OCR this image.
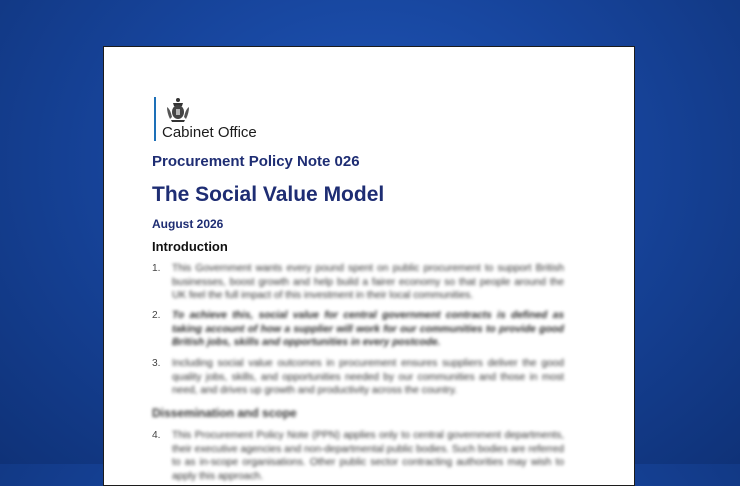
Cabinet Office
Procurement Policy Note 026
The Social Value Model
August 2026
Introduction
1. This Government wants every pound spent on public procurement to support British businesses, boost growth and help build a fairer economy so that people around the UK feel the full impact of this investment in their local communities.
2. To achieve this, social value for central government contracts is defined as taking account of how a supplier will work for our communities to provide good British jobs, skills and opportunities in every postcode.
3. Including social value outcomes in procurement ensures suppliers deliver the good quality jobs, skills, and opportunities needed by our communities and those in most need, and drives up growth and productivity across the country.
Dissemination and scope
4. This Procurement Policy Note (PPN) applies only to central government departments, their executive agencies and non-departmental public bodies. Such bodies are referred to as in-scope organisations. Other public sector contracting authorities may wish to apply this approach.
